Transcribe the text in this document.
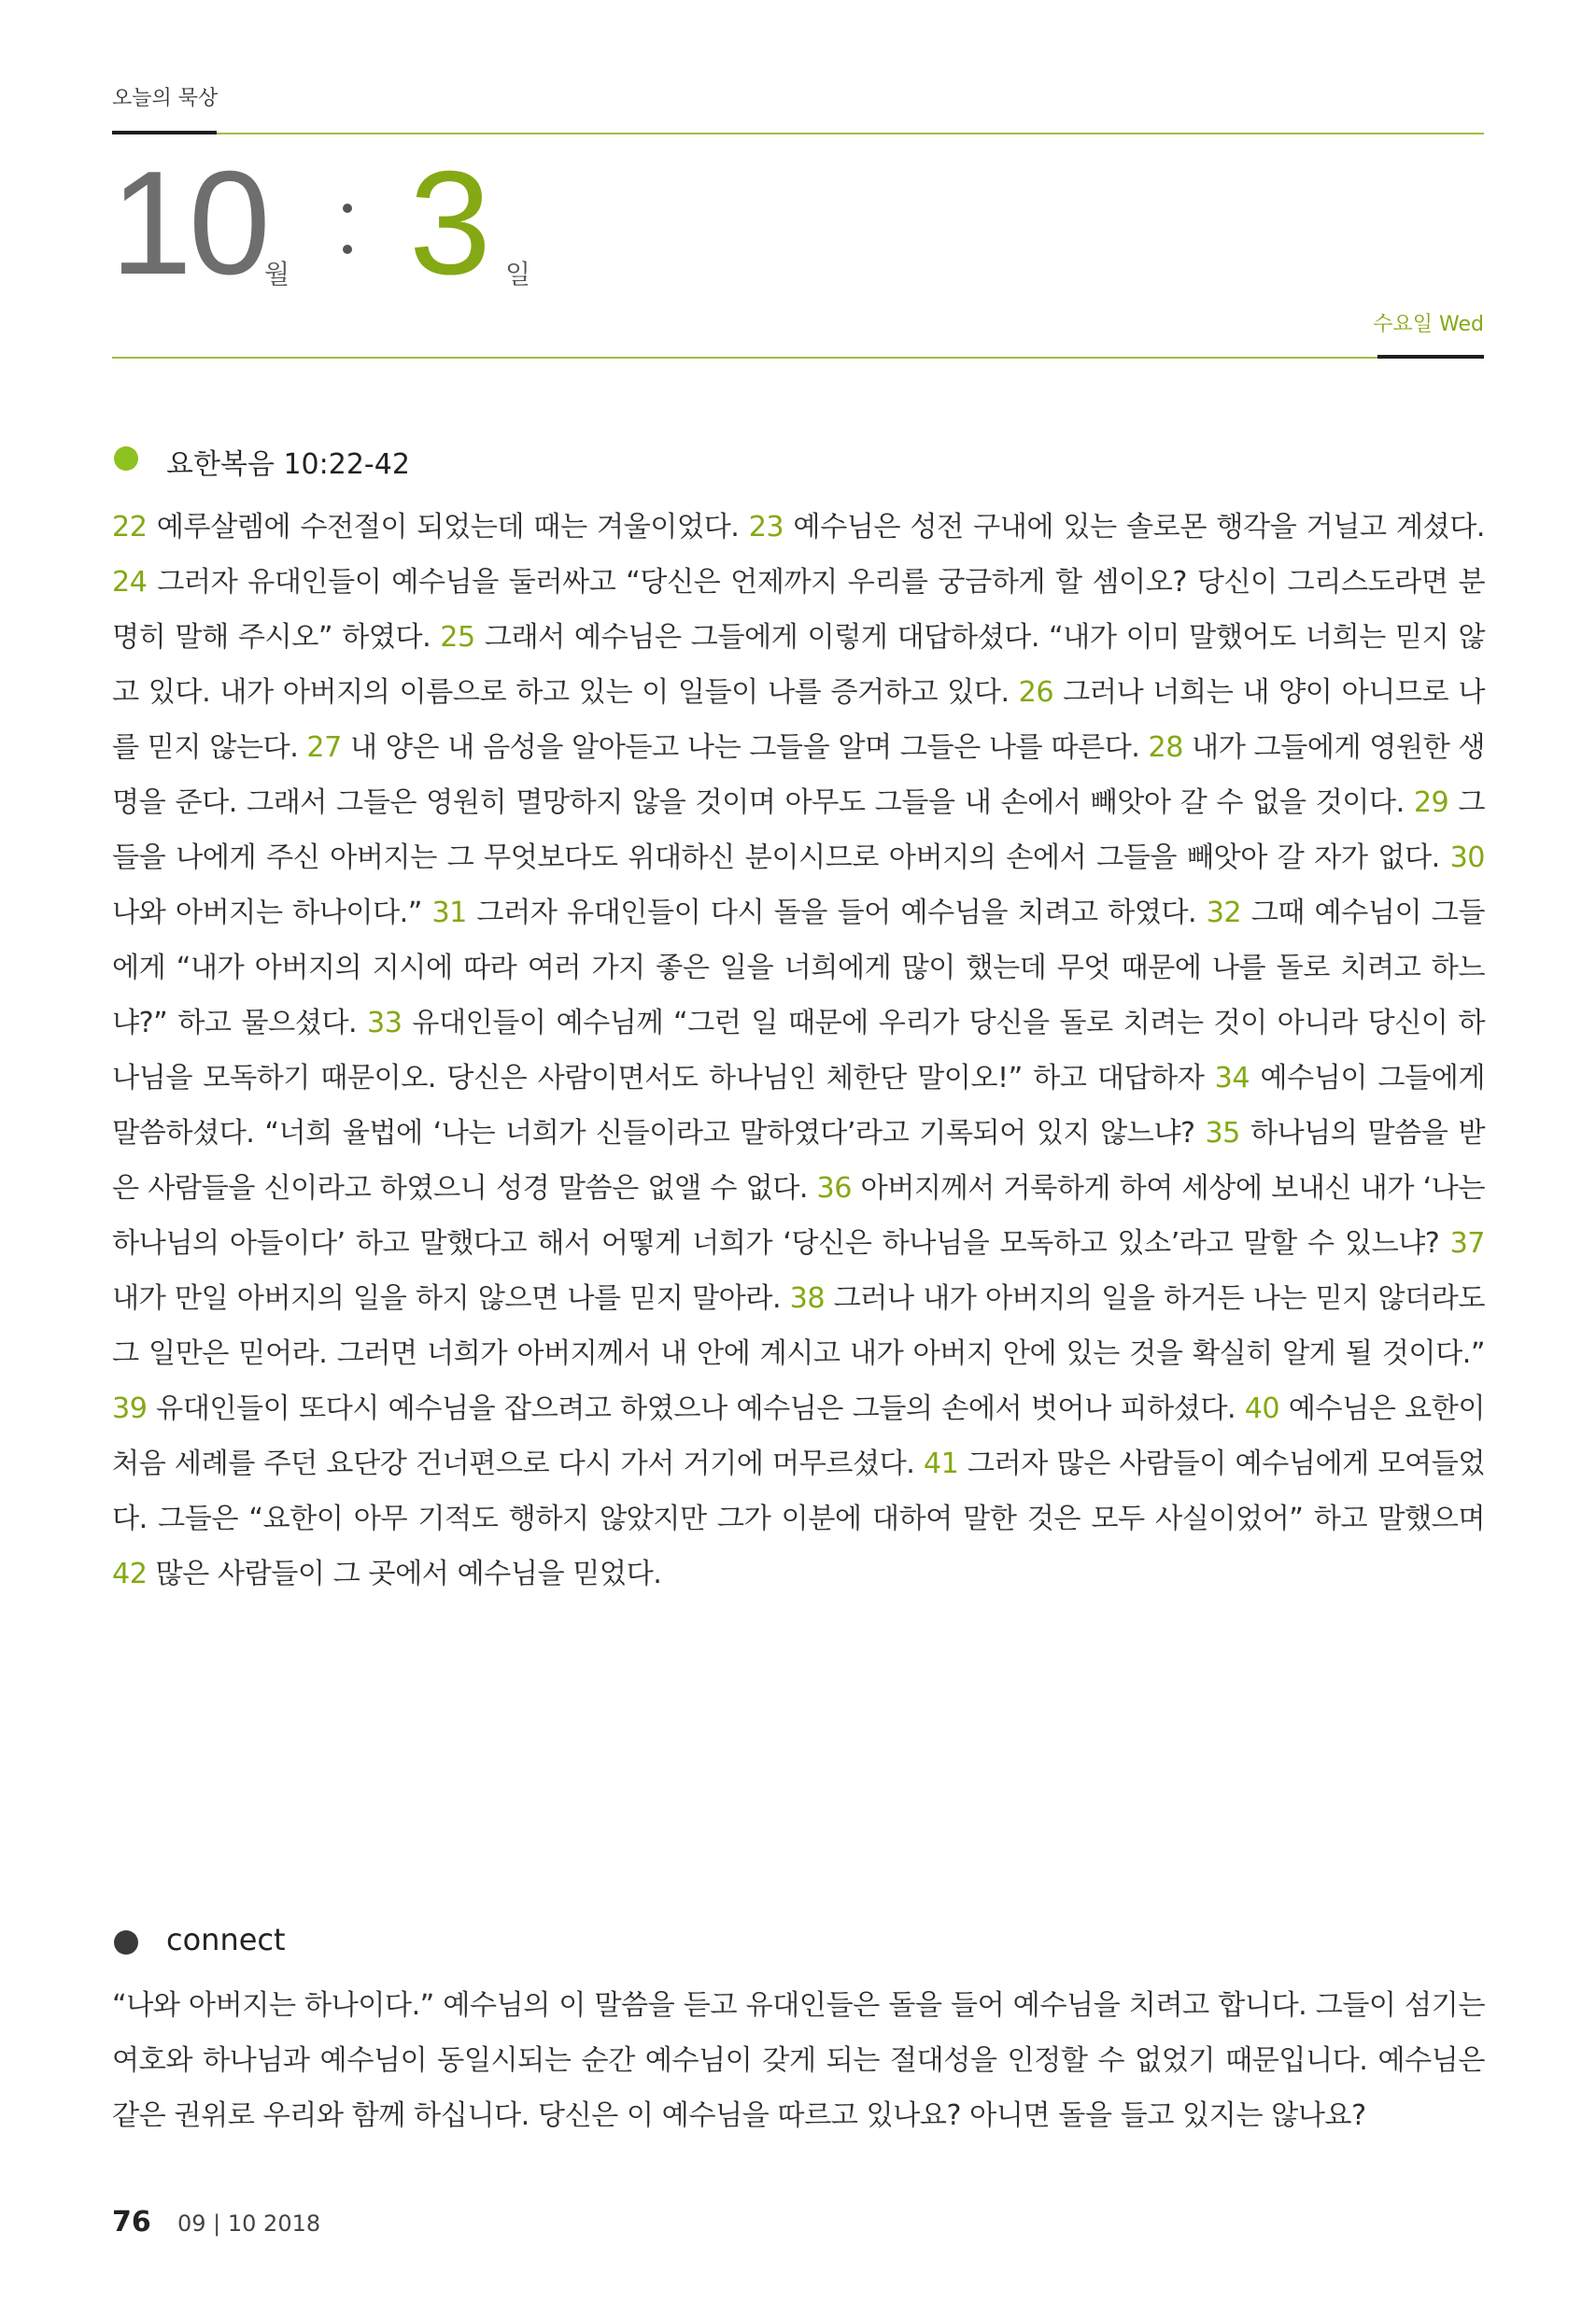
오늘의 묵상
10
월 3 일
수요일 Wed
요한복음 10:22-42

22 예루살렘에 수전절이 되었는데 때는 겨울이었다. 23 예수님은 성전 구내에 있는 솔로몬 행각을 거닐고 계셨다. 24 그러자 유대인들이 예수님을 둘러싸고 “당신은 언제까지 우리를 궁금하게 할 셈이오? 당신이 그리스도라면 분명히 말해 주시오” 하였다. 25 그래서 예수님은 그들에게 이렇게 대답하셨다. “내가 이미 말했어도 너희는 믿지 않고 있다. 내가 아버지의 이름으로 하고 있는 이 일들이 나를 증거하고 있다. 26 그러나 너희는 내 양이 아니므로 나를 믿지 않는다. 27 내 양은 내 음성을 알아듣고 나는 그들을 알며 그들은 나를 따른다. 28 내가 그들에게 영원한 생명을 준다. 그래서 그들은 영원히 멸망하지 않을 것이며 아무도 그들을 내 손에서 빼앗아 갈 수 없을 것이다. 29 그들을 나에게 주신 아버지는 그 무엇보다도 위대하신 분이시므로 아버지의 손에서 그들을 빼앗아 갈 자가 없다. 30 나와 아버지는 하나이다.” 31 그러자 유대인들이 다시 돌을 들어 예수님을 치려고 하였다. 32 그때 예수님이 그들에게 “내가 아버지의 지시에 따라 여러 가지 좋은 일을 너희에게 많이 했는데 무엇 때문에 나를 돌로 치려고 하느냐?” 하고 물으셨다. 33 유대인들이 예수님께 “그런 일 때문에 우리가 당신을 돌로 치려는 것이 아니라 당신이 하나님을 모독하기 때문이오. 당신은 사람이면서도 하나님인 체한단 말이오!” 하고 대답하자 34 예수님이 그들에게 말씀하셨다. “너희 율법에 ‘나는 너희가 신들이라고 말하였다’라고 기록되어 있지 않느냐? 35 하나님의 말씀을 받은 사람들을 신이라고 하였으니 성경 말씀은 없앨 수 없다. 36 아버지께서 거룩하게 하여 세상에 보내신 내가 ‘나는 하나님의 아들이다’ 하고 말했다고 해서 어떻게 너희가 ‘당신은 하나님을 모독하고 있소’라고 말할 수 있느냐? 37 내가 만일 아버지의 일을 하지 않으면 나를 믿지 말아라. 38 그러나 내가 아버지의 일을 하거든 나는 믿지 않더라도 그 일만은 믿어라. 그러면 너희가 아버지께서 내 안에 계시고 내가 아버지 안에 있는 것을 확실히 알게 될 것이다.” 39 유대인들이 또다시 예수님을 잡으려고 하였으나 예수님은 그들의 손에서 벗어나 피하셨다. 40 예수님은 요한이 처음 세례를 주던 요단강 건너편으로 다시 가서 거기에 머무르셨다. 41 그러자 많은 사람들이 예수님에게 모여들었다. 그들은 “요한이 아무 기적도 행하지 않았지만 그가 이분에 대하여 말한 것은 모두 사실이었어” 하고 말했으며 42 많은 사람들이 그 곳에서 예수님을 믿었다.

connect

“나와 아버지는 하나이다.” 예수님의 이 말씀을 듣고 유대인들은 돌을 들어 예수님을 치려고 합니다. 그들이 섬기는 여호와 하나님과 예수님이 동일시되는 순간 예수님이 갖게 되는 절대성을 인정할 수 없었기 때문입니다. 예수님은 같은 권위로 우리와 함께 하십니다. 당신은 이 예수님을 따르고 있나요? 아니면 돌을 들고 있지는 않나요?

76 09 | 10 2018
